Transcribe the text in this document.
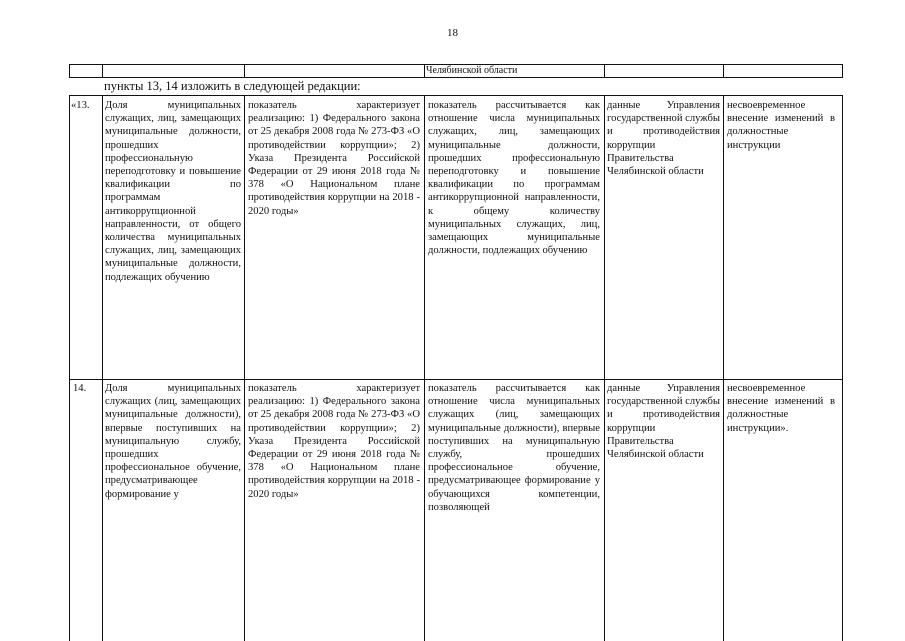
18
Челябинской области
пункты 13, 14 изложить в следующей редакции:
«13.	Доля муниципальных служащих, лиц, замещающих муниципальные должности, прошедших профессиональную переподготовку и повышение квалификации по программам антикоррупционной направленности, от общего количества муниципальных служащих, лиц, замещающих муниципальные должности, подлежащих обучению
показатель характеризует реализацию: 1) Федерального закона от 25 декабря 2008 года № 273-ФЗ «О противодействии коррупции»; 2) Указа Президента Российской Федерации от 29 июня 2018 года № 378 «О Национальном плане противодействия коррупции на 2018 - 2020 годы»
показатель рассчитывается как отношение числа муниципальных служащих, лиц, замещающих муниципальные должности, прошедших профессиональную переподготовку и повышение квалификации по программам антикоррупционной направленности, к общему количеству муниципальных служащих, лиц, замещающих муниципальные должности, подлежащих обучению
данные Управления государственной службы и противодействия коррупции Правительства Челябинской области
несвоевременное внесение изменений в должностные инструкции
14.	Доля муниципальных служащих (лиц, замещающих муниципальные должности), впервые поступивших на муниципальную службу, прошедших профессиональное обучение, предусматривающее формирование у
показатель характеризует реализацию: 1) Федерального закона от 25 декабря 2008 года № 273-ФЗ «О противодействии коррупции»; 2) Указа Президента Российской Федерации от 29 июня 2018 года № 378 «О Национальном плане противодействия коррупции на 2018 - 2020 годы»
показатель рассчитывается как отношение числа муниципальных служащих (лиц, замещающих муниципальные должности), впервые поступивших на муниципальную службу, прошедших профессиональное обучение, предусматривающее формирование у обучающихся компетенции, позволяющей
данные Управления государственной службы и противодействия коррупции Правительства Челябинской области
несвоевременное внесение изменений в должностные инструкции».
